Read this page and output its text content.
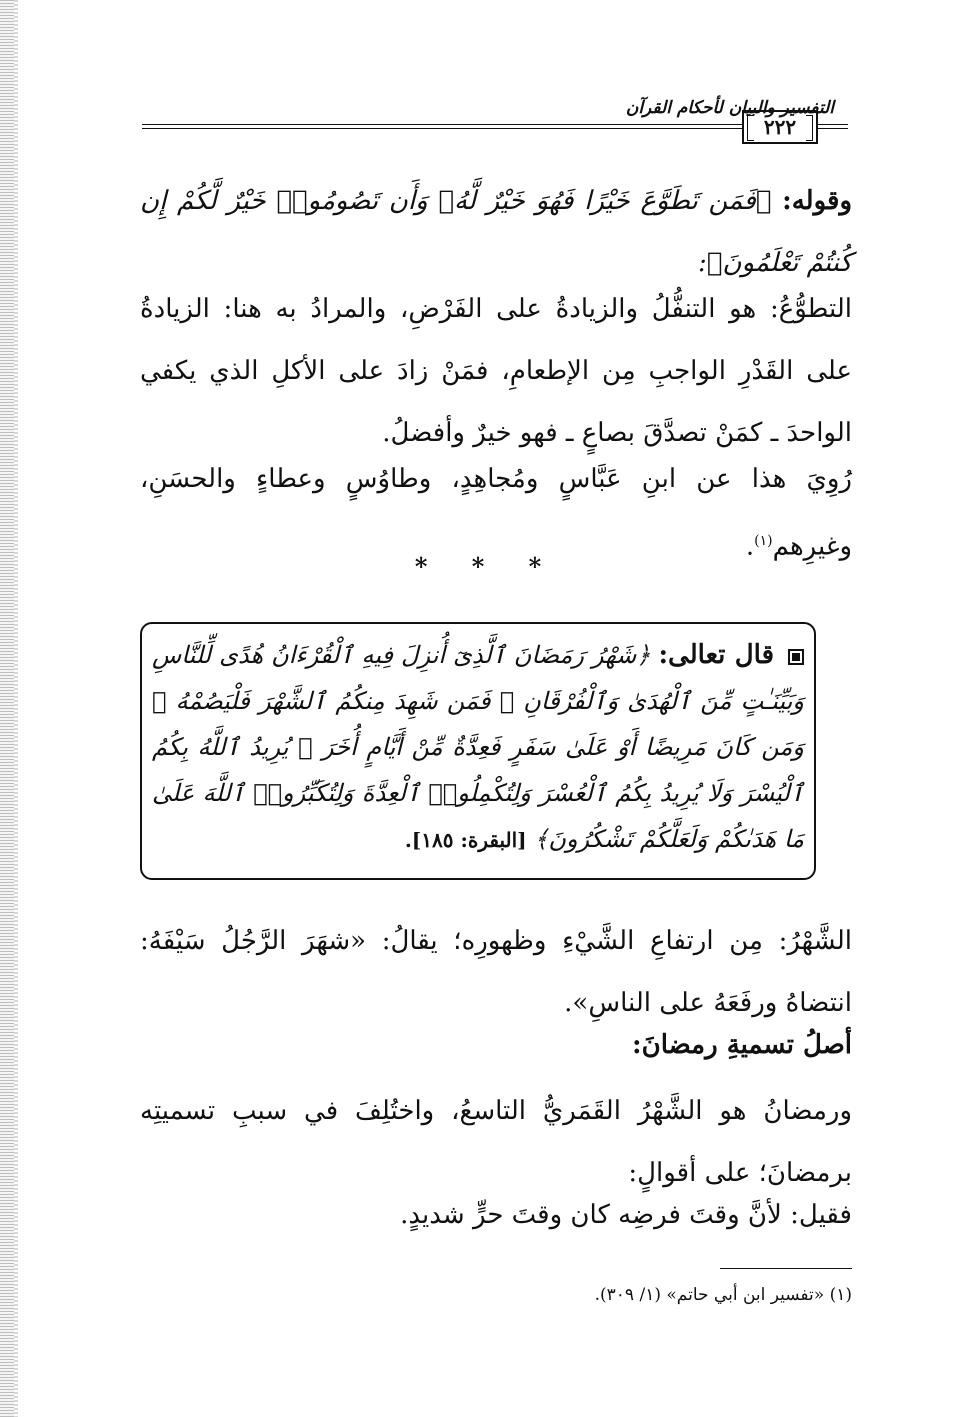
التفسير والبيان لأحكام القرآن
٢٢٢
وقوله: ﴿فَمَن تَطَوَّعَ خَيْرًا فَهُوَ خَيْرٌ لَّهُۥ وَأَن تَصُومُوا۟ خَيْرٌ لَّكُمْ إِن كُنتُمْ تَعْلَمُونَ﴾:
التطوُّعُ: هو التنفُّلُ والزيادةُ على الفَرْضِ، والمرادُ به هنا: الزيادةُ على القَدْرِ الواجبِ مِن الإطعامِ، فمَنْ زادَ على الأكلِ الذي يكفي الواحدَ ـ كمَنْ تصدَّقَ بصاعٍ ـ فهو خيرٌ وأفضلُ.
رُوِيَ هذا عن ابنِ عَبَّاسٍ ومُجاهِدٍ، وطاوُسٍ وعطاءٍ والحسَنِ، وغيرِهم$^{(١)}$.
* * *
قال تعالى: ﴿شَهْرُ رَمَضَانَ ٱلَّذِىٓ أُنزِلَ فِيهِ ٱلْقُرْءَانُ هُدًى لِّلنَّاسِ وَبَيِّنَـٰتٍ مِّنَ ٱلْهُدَىٰ وَٱلْفُرْقَانِ ۚ فَمَن شَهِدَ مِنكُمُ ٱلشَّهْرَ فَلْيَصُمْهُ ۖ وَمَن كَانَ مَرِيضًا أَوْ عَلَىٰ سَفَرٍ فَعِدَّةٌ مِّنْ أَيَّامٍ أُخَرَ ۗ يُرِيدُ ٱللَّهُ بِكُمُ ٱلْيُسْرَ وَلَا يُرِيدُ بِكُمُ ٱلْعُسْرَ وَلِتُكْمِلُوا۟ ٱلْعِدَّةَ وَلِتُكَبِّرُوا۟ ٱللَّهَ عَلَىٰ مَا هَدَىٰكُمْ وَلَعَلَّكُمْ تَشْكُرُونَ﴾ [البقرة: ١٨٥].
الشَّهْرُ: مِن ارتفاعِ الشَّيْءِ وظهورِه؛ يقالُ: «شهَرَ الرَّجُلُ سَيْفَهُ: انتضاهُ ورفَعَهُ على الناسِ».
أصلُ تسميةِ رمضانَ:
ورمضانُ هو الشَّهْرُ القَمَريُّ التاسعُ، واختُلِفَ في سببِ تسميتِه برمضانَ؛ على أقوالٍ:
فقيل: لأنَّ وقتَ فرضِه كان وقتَ حرٍّ شديدٍ.
(١) «تفسير ابن أبي حاتم» (١/ ٣٠٩).
